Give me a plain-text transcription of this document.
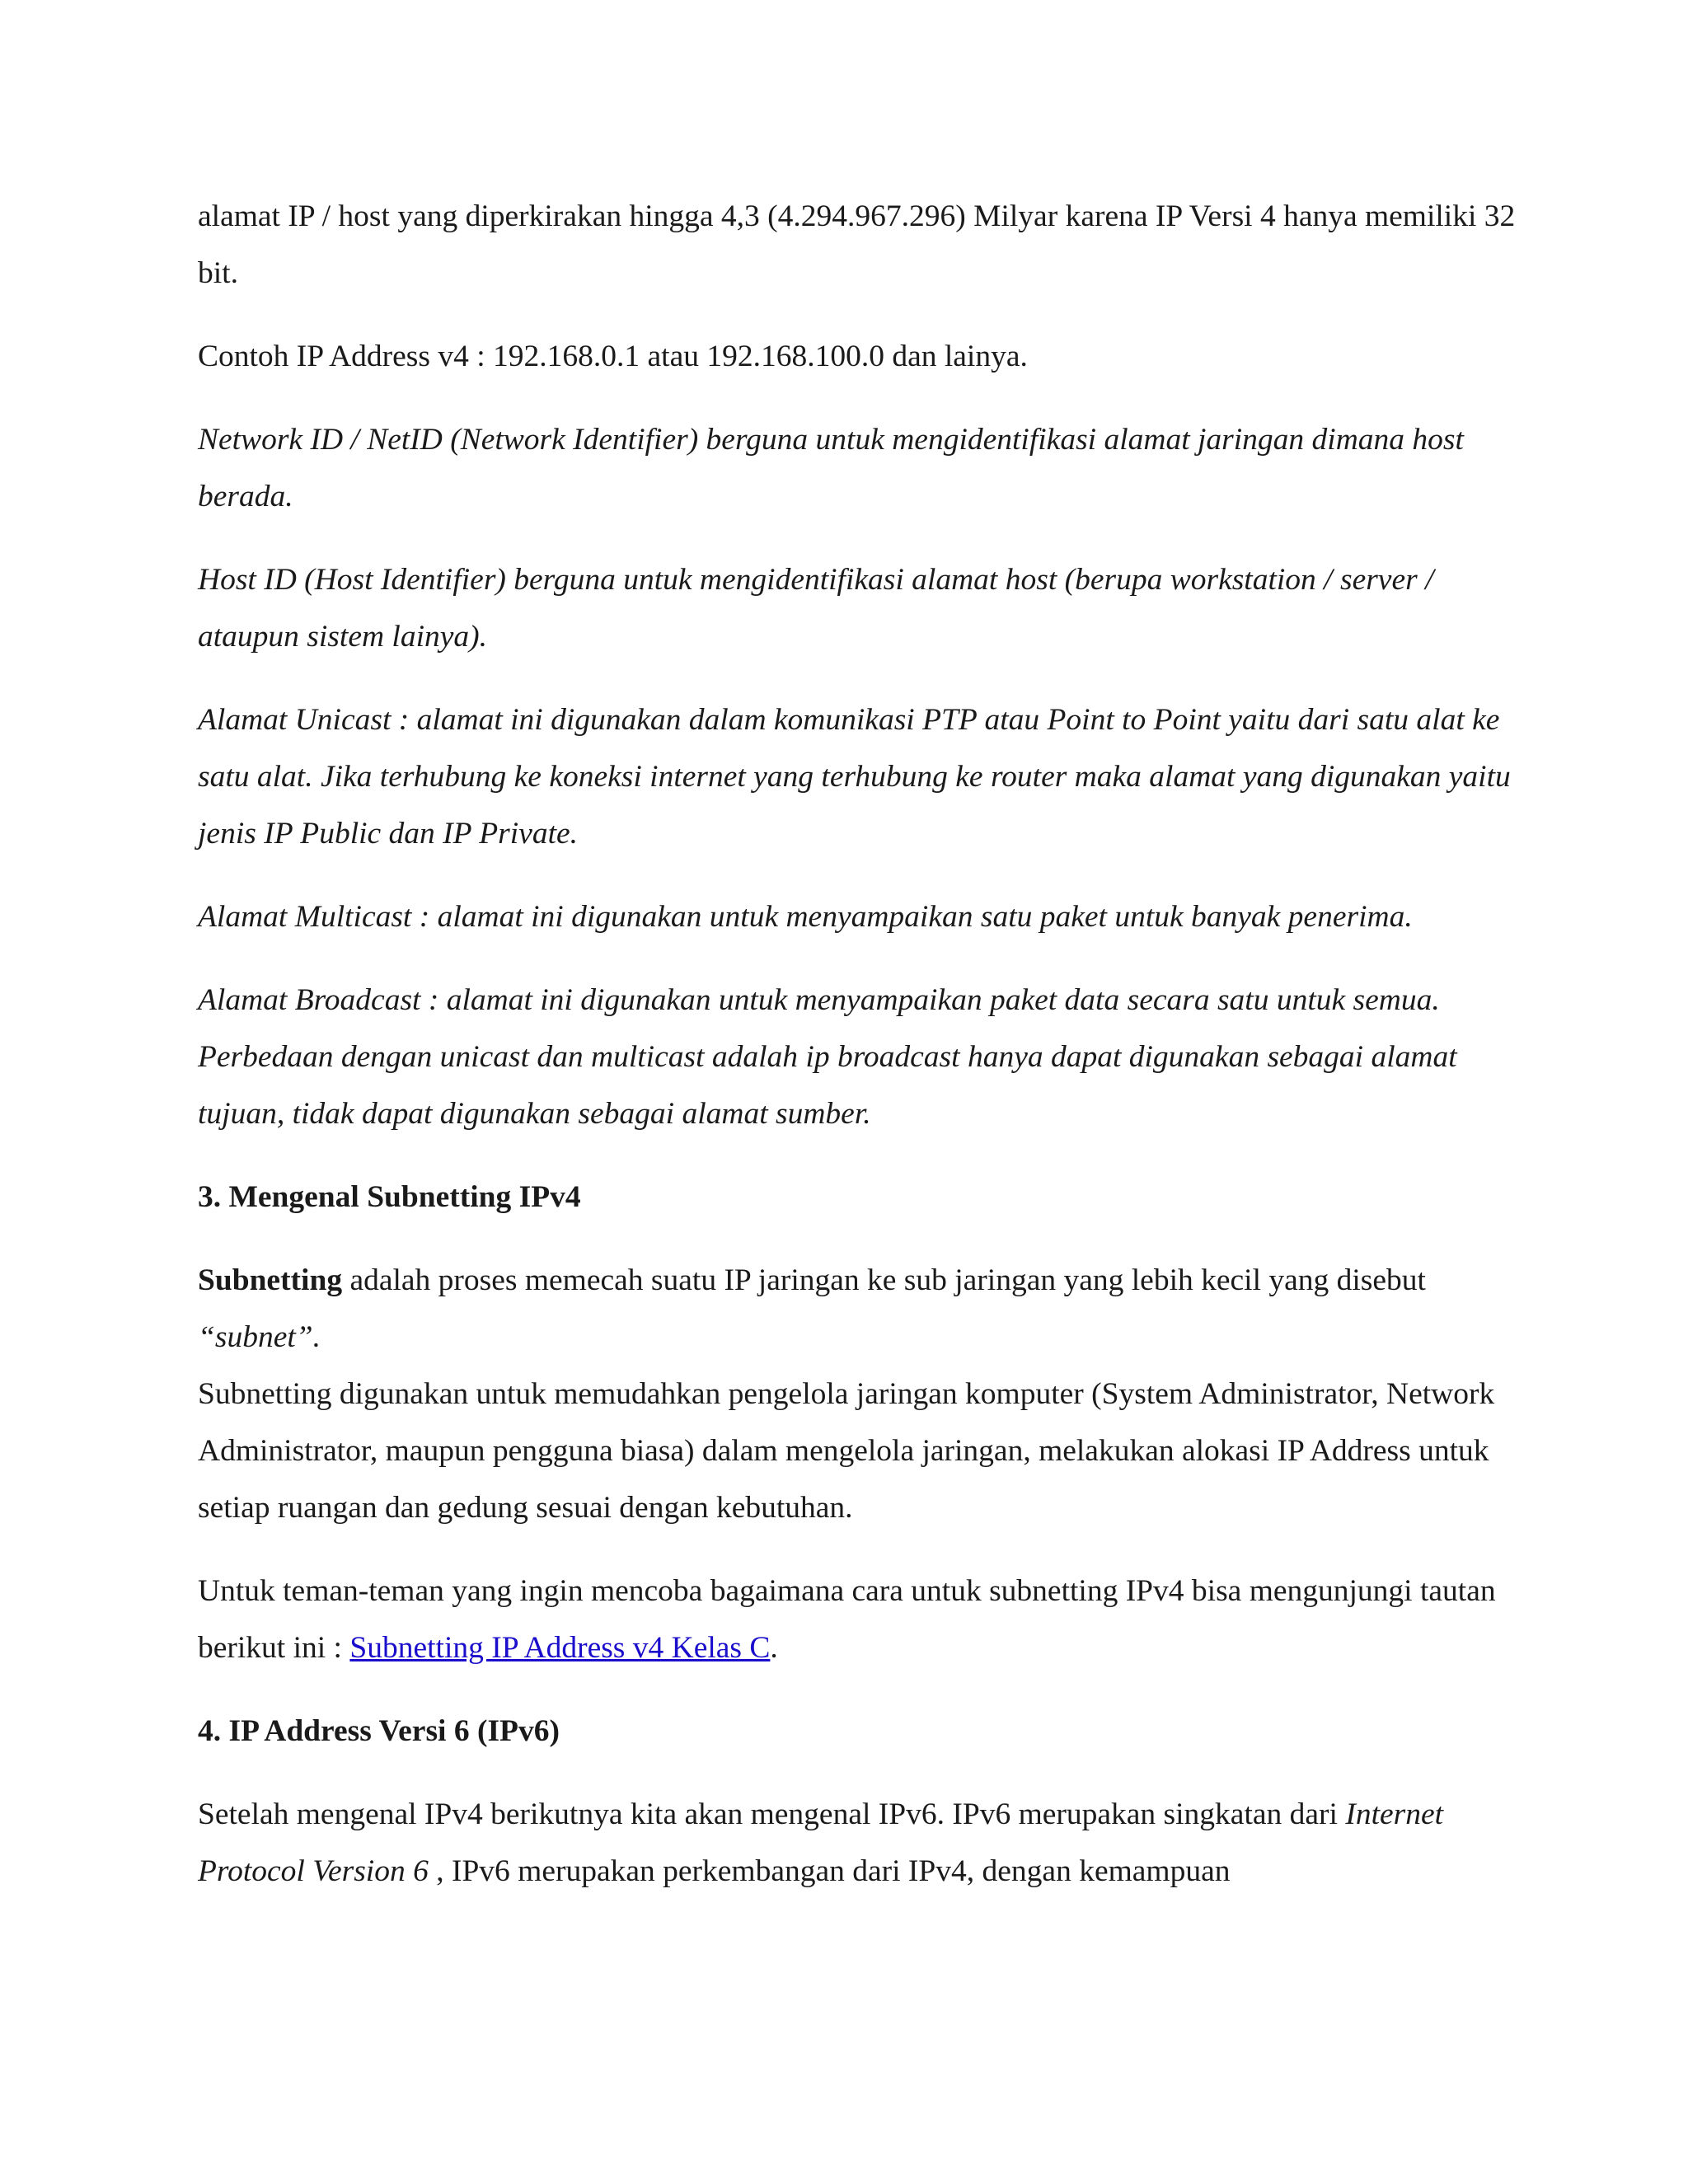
alamat IP / host yang diperkirakan hingga 4,3 (4.294.967.296) Milyar karena IP Versi 4 hanya memiliki 32 bit.

Contoh IP Address v4 : 192.168.0.1 atau 192.168.100.0 dan lainya.

Network ID / NetID (Network Identifier) berguna untuk mengidentifikasi alamat jaringan dimana host berada.

Host ID (Host Identifier) berguna untuk mengidentifikasi alamat host (berupa workstation / server / ataupun sistem lainya).

Alamat Unicast : alamat ini digunakan dalam komunikasi PTP atau Point to Point yaitu dari satu alat ke satu alat. Jika terhubung ke koneksi internet yang terhubung ke router maka alamat yang digunakan yaitu jenis IP Public dan IP Private.

Alamat Multicast : alamat ini digunakan untuk menyampaikan satu paket untuk banyak penerima.

Alamat Broadcast : alamat ini digunakan untuk menyampaikan paket data secara satu untuk semua. Perbedaan dengan unicast dan multicast adalah ip broadcast hanya dapat digunakan sebagai alamat tujuan, tidak dapat digunakan sebagai alamat sumber.

3. Mengenal Subnetting IPv4

Subnetting adalah proses memecah suatu IP jaringan ke sub jaringan yang lebih kecil yang disebut “subnet”.

Subnetting digunakan untuk memudahkan pengelola jaringan komputer (System Administrator, Network Administrator, maupun pengguna biasa) dalam mengelola jaringan, melakukan alokasi IP Address untuk setiap ruangan dan gedung sesuai dengan kebutuhan.

Untuk teman-teman yang ingin mencoba bagaimana cara untuk subnetting IPv4 bisa mengunjungi tautan berikut ini : Subnetting IP Address v4 Kelas C.

4. IP Address Versi 6 (IPv6)

Setelah mengenal IPv4 berikutnya kita akan mengenal IPv6. IPv6 merupakan singkatan dari Internet Protocol Version 6 , IPv6 merupakan perkembangan dari IPv4, dengan kemampuan
